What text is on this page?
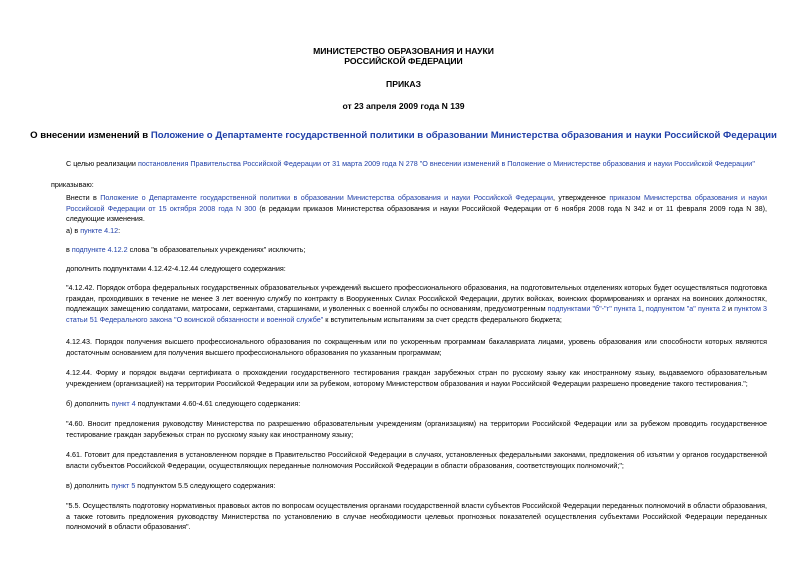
МИНИСТЕРСТВО ОБРАЗОВАНИЯ И НАУКИ
РОССИЙСКОЙ ФЕДЕРАЦИИ
ПРИКАЗ
от 23 апреля 2009 года N 139
О внесении изменений в Положение о Департаменте государственной политики в образовании Министерства образования и науки Российской Федерации
С целью реализации постановления Правительства Российской Федерации от 31 марта 2009 года N 278 "О внесении изменений в Положение о Министерстве образования и науки Российской Федерации"
приказываю:
Внести в Положение о Департаменте государственной политики в образовании Министерства образования и науки Российской Федерации, утвержденное приказом Министерства образования и науки Российской Федерации от 15 октября 2008 года N 300 (в редакции приказов Министерства образования и науки Российской Федерации от 6 ноября 2008 года N 342 и от 11 февраля 2009 года N 38), следующие изменения.
а) в пункте 4.12:
в подпункте 4.12.2 слова "в образовательных учреждениях" исключить;
дополнить подпунктами 4.12.42-4.12.44 следующего содержания:
"4.12.42. Порядок отбора федеральных государственных образовательных учреждений высшего профессионального образования, на подготовительных отделениях которых будет осуществляться подготовка граждан, проходивших в течение не менее 3 лет военную службу по контракту в Вооруженных Силах Российской Федерации, других войсках, воинских формированиях и органах на воинских должностях, подлежащих замещению солдатами, матросами, сержантами, старшинами, и уволенных с военной службы по основаниям, предусмотренным подпунктами "б"-"г" пункта 1, подпунктом "а" пункта 2 и пунктом 3 статьи 51 Федерального закона "О воинской обязанности и военной службе" к вступительным испытаниям за счет средств федерального бюджета;
4.12.43. Порядок получения высшего профессионального образования по сокращенным или по ускоренным программам бакалавриата лицами, уровень образования или способности которых являются достаточным основанием для получения высшего профессионального образования по указанным программам;
4.12.44. Форму и порядок выдачи сертификата о прохождении государственного тестирования граждан зарубежных стран по русскому языку как иностранному языку, выдаваемого образовательным учреждением (организацией) на территории Российской Федерации или за рубежом, которому Министерством образования и науки Российской Федерации разрешено проведение такого тестирования.";
б) дополнить пункт 4 подпунктами 4.60-4.61 следующего содержания:
"4.60. Вносит предложения руководству Министерства по разрешению образовательным учреждениям (организациям) на территории Российской Федерации или за рубежом проводить государственное тестирование граждан зарубежных стран по русскому языку как иностранному языку;
4.61. Готовит для представления в установленном порядке в Правительство Российской Федерации в случаях, установленных федеральными законами, предложения об изъятии у органов государственной власти субъектов Российской Федерации, осуществляющих переданные полномочия Российской Федерации в области образования, соответствующих полномочий;";
в) дополнить пункт 5 подпунктом 5.5 следующего содержания:
"5.5. Осуществлять подготовку нормативных правовых актов по вопросам осуществления органами государственной власти субъектов Российской Федерации переданных полномочий в области образования, а также готовить предложения руководству Министерства по установлению в случае необходимости целевых прогнозных показателей осуществления субъектами Российской Федерации переданных полномочий в области образования".
